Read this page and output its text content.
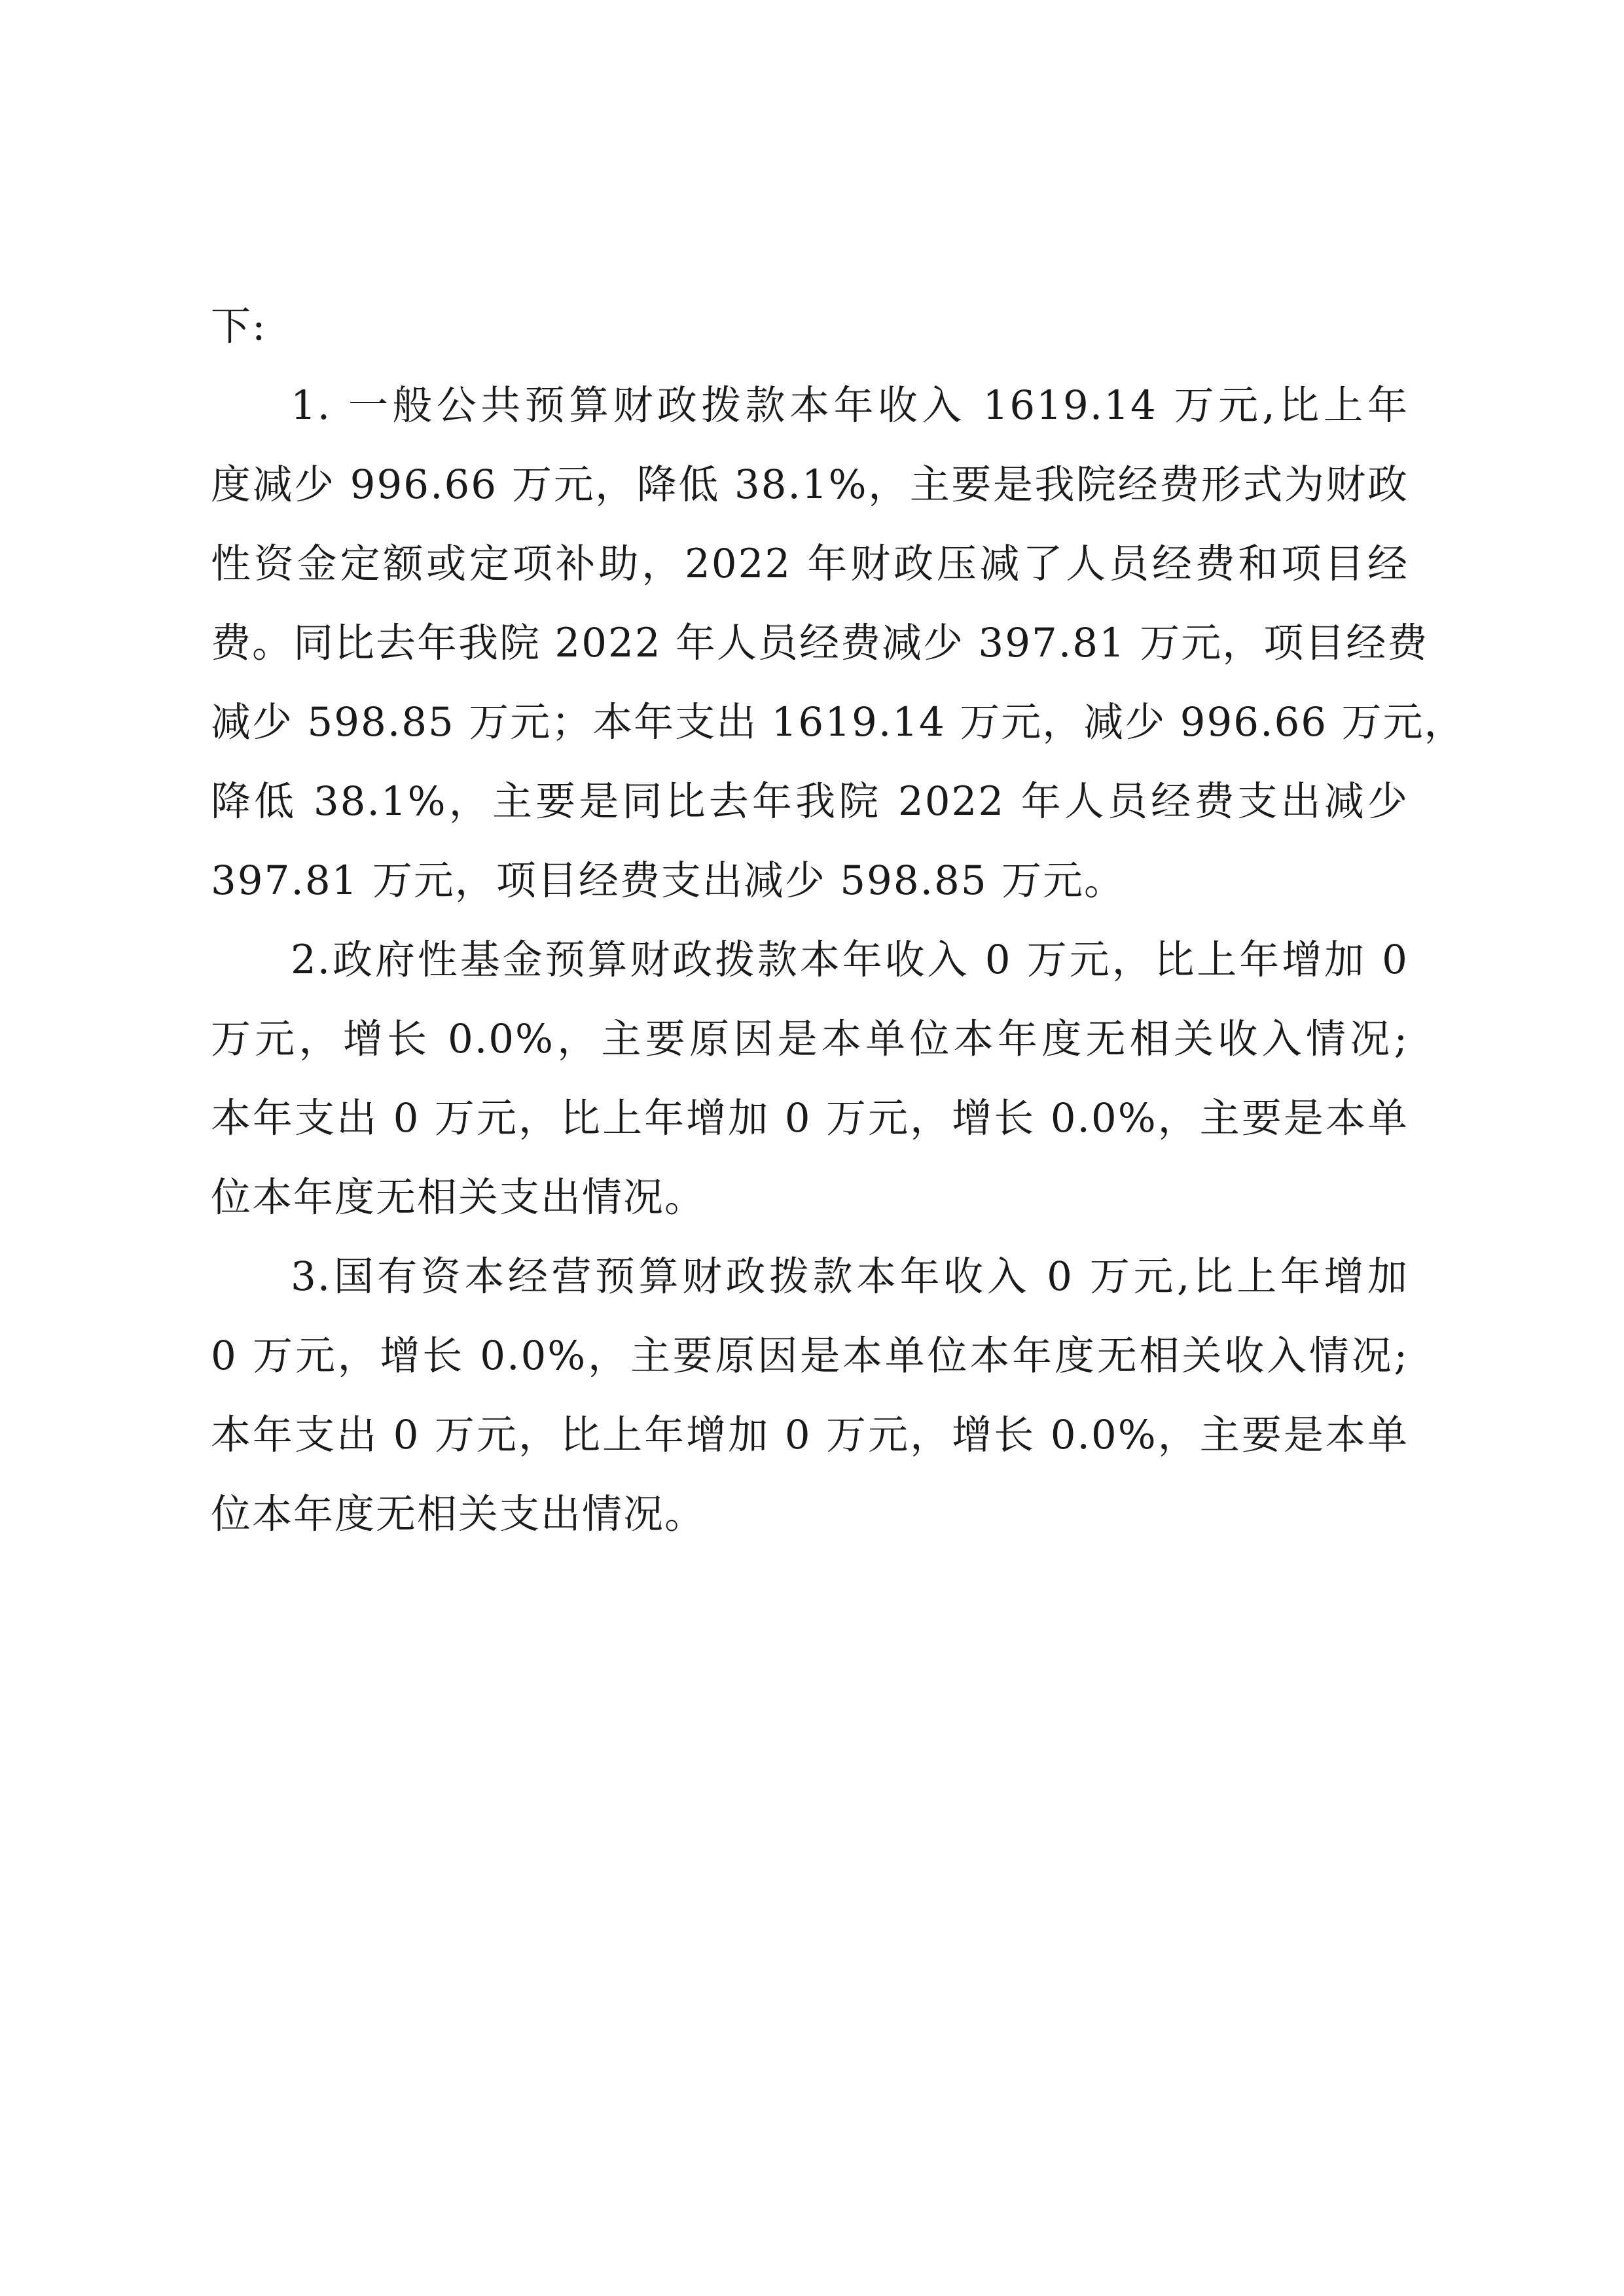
下:
1. 一般公共预算财政拨款本年收入 1619.14 万元,比上年
度减少 996.66 万元，降低 38.1%，主要是我院经费形式为财政
性资金定额或定项补助，2022 年财政压减了人员经费和项目经
费。同比去年我院 2022 年人员经费减少 397.81 万元，项目经费
减少 598.85 万元；本年支出 1619.14 万元，减少 996.66 万元，
降低 38.1%，主要是同比去年我院 2022 年人员经费支出减少
397.81 万元，项目经费支出减少 598.85 万元。
2.政府性基金预算财政拨款本年收入 0 万元，比上年增加 0
万元，增长 0.0%，主要原因是本单位本年度无相关收入情况;
本年支出 0 万元，比上年增加 0 万元，增长 0.0%，主要是本单
位本年度无相关支出情况。
3.国有资本经营预算财政拨款本年收入 0 万元,比上年增加
0 万元，增长 0.0%，主要原因是本单位本年度无相关收入情况;
本年支出 0 万元，比上年增加 0 万元，增长 0.0%，主要是本单
位本年度无相关支出情况。
